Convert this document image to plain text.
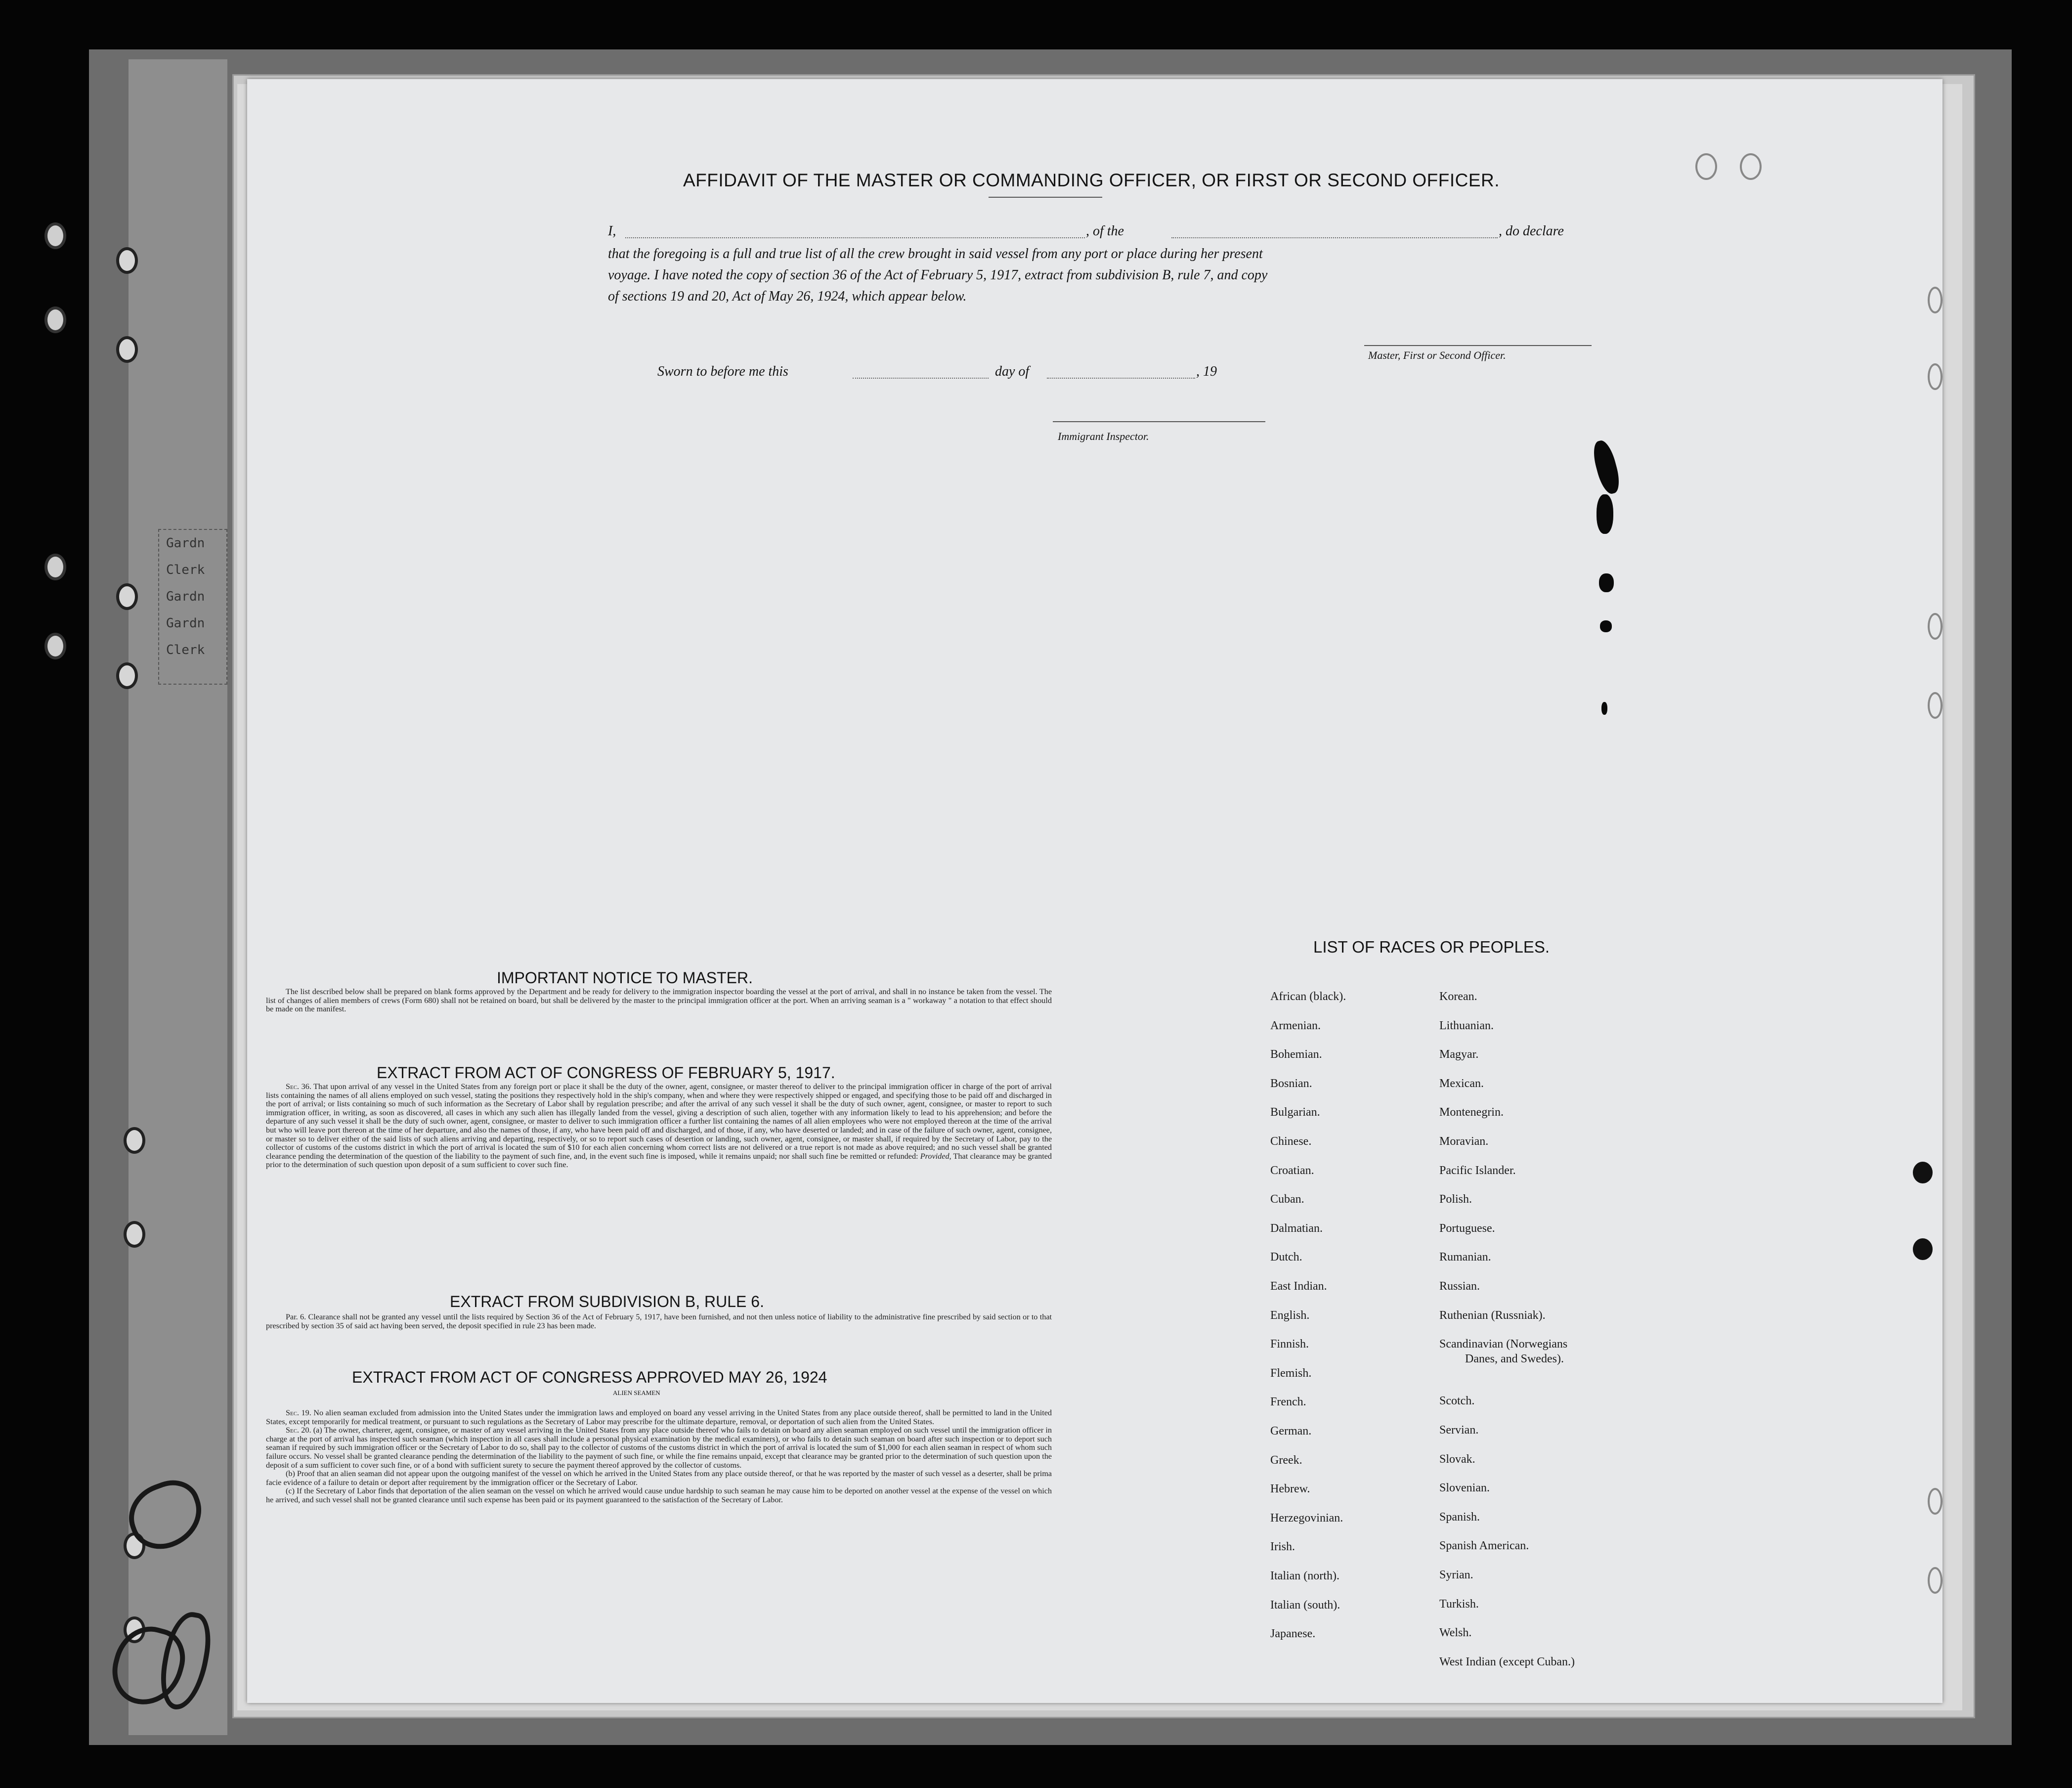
Gardn
Clerk
Gardn
Gardn
Clerk
AFFIDAVIT OF THE MASTER OR COMMANDING OFFICER, OR FIRST OR SECOND OFFICER.
I,	, of the	, do declare
that the foregoing is a full and true list of all the crew brought in said vessel from any port or place during her present
voyage. I have noted the copy of section 36 of the Act of February 5, 1917, extract from subdivision B, rule 7, and copy
of sections 19 and 20, Act of May 26, 1924, which appear below.
Master, First or Second Officer.
Sworn to before me this	day of	, 19
Immigrant Inspector.
IMPORTANT NOTICE TO MASTER.

The list described below shall be prepared on blank forms approved by the Department and be ready for delivery to the immigration inspector boarding the vessel at the port of arrival, and shall in no instance be taken from the vessel. The list of changes of alien members of crews (Form 680) shall not be retained on board, but shall be delivered by the master to the principal immigration officer at the port. When an arriving seaman is a " workaway " a notation to that effect should be made on the manifest.

EXTRACT FROM ACT OF CONGRESS OF FEBRUARY 5, 1917.

Sec. 36. That upon arrival of any vessel in the United States from any foreign port or place it shall be the duty of the owner, agent, consignee, or master thereof to deliver to the principal immigration officer in charge of the port of arrival lists containing the names of all aliens employed on such vessel, stating the positions they respectively hold in the ship's company, when and where they were respectively shipped or engaged, and specifying those to be paid off and discharged in the port of arrival; or lists containing so much of such information as the Secretary of Labor shall by regulation prescribe; and after the arrival of any such vessel it shall be the duty of such owner, agent, consignee, or master to report to such immigration officer, in writing, as soon as discovered, all cases in which any such alien has illegally landed from the vessel, giving a description of such alien, together with any information likely to lead to his apprehension; and before the departure of any such vessel it shall be the duty of such owner, agent, consignee, or master to deliver to such immigration officer a further list containing the names of all alien employees who were not employed thereon at the time of the arrival but who will leave port thereon at the time of her departure, and also the names of those, if any, who have been paid off and discharged, and of those, if any, who have deserted or landed; and in case of the failure of such owner, agent, consignee, or master so to deliver either of the said lists of such aliens arriving and departing, respectively, or so to report such cases of desertion or landing, such owner, agent, consignee, or master shall, if required by the Secretary of Labor, pay to the collector of customs of the customs district in which the port of arrival is located the sum of $10 for each alien concerning whom correct lists are not delivered or a true report is not made as above required; and no such vessel shall be granted clearance pending the determination of the question of the liability to the payment of such fine, and, in the event such fine is imposed, while it remains unpaid; nor shall such fine be remitted or refunded: Provided, That clearance may be granted prior to the determination of such question upon deposit of a sum sufficient to cover such fine.

EXTRACT FROM SUBDIVISION B, RULE 6.

Par. 6. Clearance shall not be granted any vessel until the lists required by Section 36 of the Act of February 5, 1917, have been furnished, and not then unless notice of liability to the administrative fine prescribed by said section or to that prescribed by section 35 of said act having been served, the deposit specified in rule 23 has been made.

EXTRACT FROM ACT OF CONGRESS APPROVED MAY 26, 1924
ALIEN SEAMEN

Sec. 19. No alien seaman excluded from admission into the United States under the immigration laws and employed on board any vessel arriving in the United States from any place outside thereof, shall be permitted to land in the United States, except temporarily for medical treatment, or pursuant to such regulations as the Secretary of Labor may prescribe for the ultimate departure, removal, or deportation of such alien from the United States.

Sec. 20. (a) The owner, charterer, agent, consignee, or master of any vessel arriving in the United States from any place outside thereof who fails to detain on board any alien seaman employed on such vessel until the immigration officer in charge at the port of arrival has inspected such seaman (which inspection in all cases shall include a personal physical examination by the medical examiners), or who fails to detain such seaman on board after such inspection or to deport such seaman if required by such immigration officer or the Secretary of Labor to do so, shall pay to the collector of customs of the customs district in which the port of arrival is located the sum of $1,000 for each alien seaman in respect of whom such failure occurs. No vessel shall be granted clearance pending the determination of the liability to the payment of such fine, or while the fine remains unpaid, except that clearance may be granted prior to the determination of such question upon the deposit of a sum sufficient to cover such fine, or of a bond with sufficient surety to secure the payment thereof approved by the collector of customs.

(b) Proof that an alien seaman did not appear upon the outgoing manifest of the vessel on which he arrived in the United States from any place outside thereof, or that he was reported by the master of such vessel as a deserter, shall be prima facie evidence of a failure to detain or deport after requirement by the immigration officer or the Secretary of Labor.

(c) If the Secretary of Labor finds that deportation of the alien seaman on the vessel on which he arrived would cause undue hardship to such seaman he may cause him to be deported on another vessel at the expense of the vessel on which he arrived, and such vessel shall not be granted clearance until such expense has been paid or its payment guaranteed to the satisfaction of the Secretary of Labor.

LIST OF RACES OR PEOPLES.
African (black).
Armenian.
Bohemian.
Bosnian.
Bulgarian.
Chinese.
Croatian.
Cuban.
Dalmatian.
Dutch.
East Indian.
English.
Finnish.
Flemish.
French.
German.
Greek.
Hebrew.
Herzegovinian.
Irish.
Italian (north).
Italian (south).
Japanese.
Korean.
Lithuanian.
Magyar.
Mexican.
Montenegrin.
Moravian.
Pacific Islander.
Polish.
Portuguese.
Rumanian.
Russian.
Ruthenian (Russniak).
Scandinavian (Norwegians
Danes, and Swedes).
Scotch.
Servian.
Slovak.
Slovenian.
Spanish.
Spanish American.
Syrian.
Turkish.
Welsh.
West Indian (except Cuban.)
